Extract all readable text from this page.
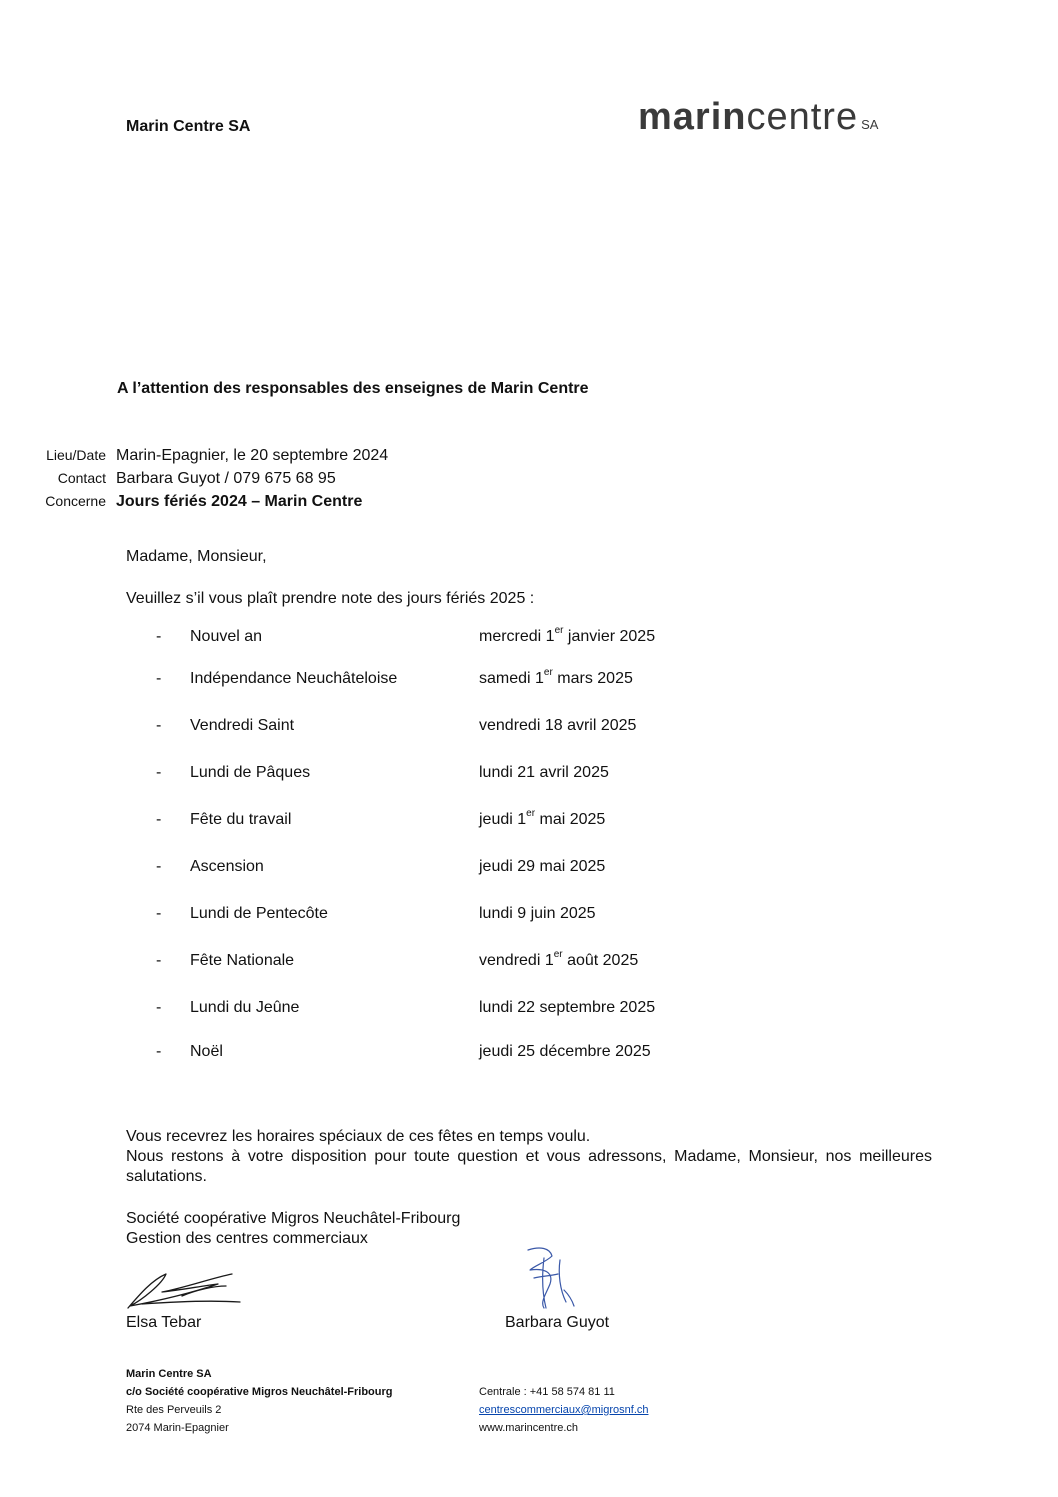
Marin Centre SA	marincentre SA
A l’attention des responsables des enseignes de Marin Centre
Lieu/Date Marin-Epagnier, le 20 septembre 2024
Contact Barbara Guyot / 079 675 68 95
Concerne Jours fériés 2024 – Marin Centre
Madame, Monsieur,
Veuillez s’il vous plaît prendre note des jours fériés 2025 :
- Nouvel an	mercredi 1er janvier 2025
- Indépendance Neuchâteloise	samedi 1er mars 2025
- Vendredi Saint	vendredi 18 avril 2025
- Lundi de Pâques	lundi 21 avril 2025
- Fête du travail	jeudi 1er mai 2025
- Ascension	jeudi 29 mai 2025
- Lundi de Pentecôte	lundi 9 juin 2025
- Fête Nationale	vendredi 1er août 2025
- Lundi du Jeûne	lundi 22 septembre 2025
- Noël	jeudi 25 décembre 2025
Vous recevrez les horaires spéciaux de ces fêtes en temps voulu.
Nous restons à votre disposition pour toute question et vous adressons, Madame, Monsieur, nos meilleures salutations.
Société coopérative Migros Neuchâtel-Fribourg
Gestion des centres commerciaux
Elsa Tebar	Barbara Guyot
Marin Centre SA
c/o Société coopérative Migros Neuchâtel-Fribourg
Rte des Perveuils 2
2074 Marin-Epagnier
Centrale : +41 58 574 81 11
centrescommerciaux@migrosnf.ch
www.marincentre.ch
